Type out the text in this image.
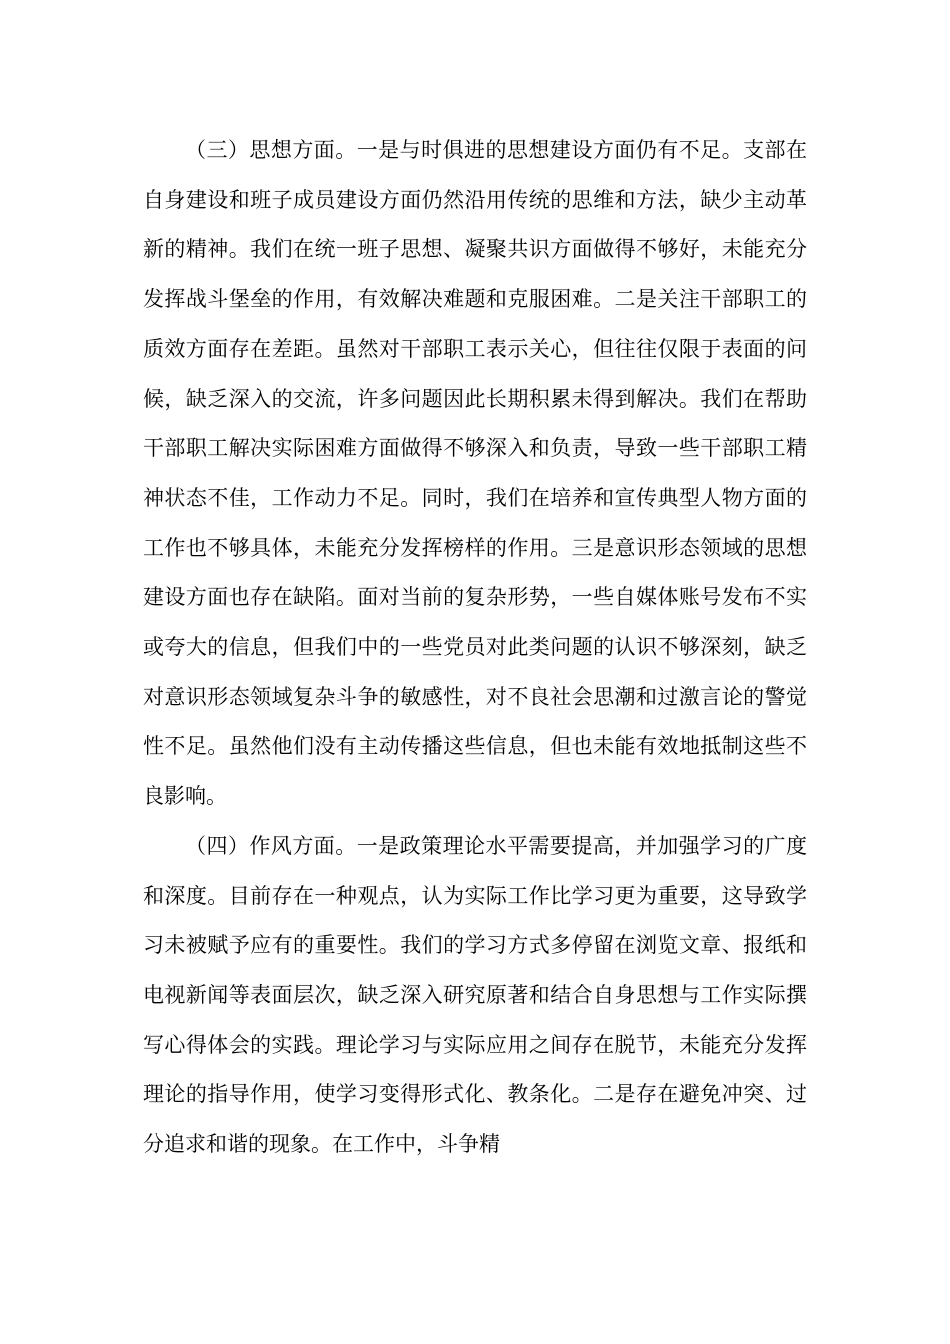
（三）思想方面。一是与时俱进的思想建设方面仍有不足。支部在自身建设和班子成员建设方面仍然沿用传统的思维和方法，缺少主动革新的精神。我们在统一班子思想、凝聚共识方面做得不够好，未能充分发挥战斗堡垒的作用，有效解决难题和克服困难。二是关注干部职工的质效方面存在差距。虽然对干部职工表示关心，但往往仅限于表面的问候，缺乏深入的交流，许多问题因此长期积累未得到解决。我们在帮助干部职工解决实际困难方面做得不够深入和负责，导致一些干部职工精神状态不佳，工作动力不足。同时，我们在培养和宣传典型人物方面的工作也不够具体，未能充分发挥榜样的作用。三是意识形态领域的思想建设方面也存在缺陷。面对当前的复杂形势，一些自媒体账号发布不实或夸大的信息，但我们中的一些党员对此类问题的认识不够深刻，缺乏对意识形态领域复杂斗争的敏感性，对不良社会思潮和过激言论的警觉性不足。虽然他们没有主动传播这些信息，但也未能有效地抵制这些不良影响。

（四）作风方面。一是政策理论水平需要提高，并加强学习的广度和深度。目前存在一种观点，认为实际工作比学习更为重要，这导致学习未被赋予应有的重要性。我们的学习方式多停留在浏览文章、报纸和电视新闻等表面层次，缺乏深入研究原著和结合自身思想与工作实际撰写心得体会的实践。理论学习与实际应用之间存在脱节，未能充分发挥理论的指导作用，使学习变得形式化、教条化。二是存在避免冲突、过分追求和谐的现象。在工作中，斗争精
